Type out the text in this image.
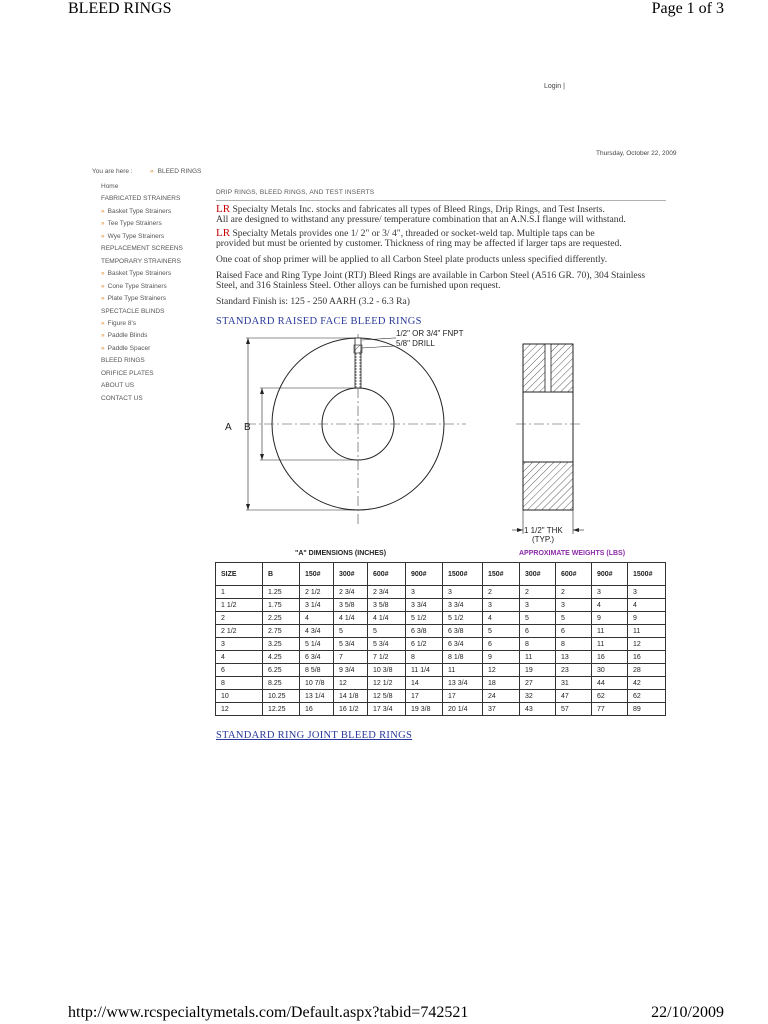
BLEED RINGS	Page 1 of 3
Login |
Thursday, October 22, 2009
You are here :	» BLEED RINGS
Home
FABRICATED STRAINERS
» Basket Type Strainers
» Tee Type Strainers
» Wye Type Strainers
REPLACEMENT SCREENS
TEMPORARY STRAINERS
» Basket Type Strainers
» Cone Type Strainers
» Plate Type Strainers
SPECTACLE BLINDS
» Figure 8's
» Paddle Blinds
» Paddle Spacer
BLEED RINGS
ORIFICE PLATES
ABOUT US
CONTACT US
DRIP RINGS, BLEED RINGS, AND TEST INSERTS
LR Specialty Metals Inc. stocks and fabricates all types of Bleed Rings, Drip Rings, and Test Inserts.
All are designed to withstand any pressure/ temperature combination that an A.N.S.I flange will withstand.
LR Specialty Metals provides one 1/ 2" or 3/ 4", threaded or socket-weld tap. Multiple taps can be
provided but must be oriented by customer. Thickness of ring may be affected if larger taps are requested.
One coat of shop primer will be applied to all Carbon Steel plate products unless specified differently.
Raised Face and Ring Type Joint (RTJ) Bleed Rings are available in Carbon Steel (A516 GR. 70), 304 Stainless
Steel, and 316 Stainless Steel. Other alloys can be furnished upon request.
Standard Finish is: 125 - 250 AARH (3.2 - 6.3 Ra)
STANDARD RAISED FACE BLEED RINGS
1/2" OR 3/4" FNPT
5/8" DRILL
A B
1 1/2" THK
(TYP.)
"A" DIMENSIONS (INCHES)	APPROXIMATE WEIGHTS (LBS)
SIZE	B	150#	300#	600#	900#	1500#	150#	300#	600#	900#	1500#
1	1.25	2 1/2	2 3/4	2 3/4	3	3	2	2	2	3	3
1 1/2	1.75	3 1/4	3 5/8	3 5/8	3 3/4	3 3/4	3	3	3	4	4
2	2.25	4	4 1/4	4 1/4	5 1/2	5 1/2	4	5	5	9	9
2 1/2	2.75	4 3/4	5	5	6 3/8	6 3/8	5	6	6	11	11
3	3.25	5 1/4	5 3/4	5 3/4	6 1/2	6 3/4	6	8	8	11	12
4	4.25	6 3/4	7	7 1/2	8	8 1/8	9	11	13	16	16
6	6.25	8 5/8	9 3/4	10 3/8	11 1/4	11	12	19	23	30	28
8	8.25	10 7/8	12	12 1/2	14	13 3/4	18	27	31	44	42
10	10.25	13 1/4	14 1/8	12 5/8	17	17	24	32	47	62	62
12	12.25	16	16 1/2	17 3/4	19 3/8	20 1/4	37	43	57	77	89
STANDARD RING JOINT BLEED RINGS
http://www.rcspecialtymetals.com/Default.aspx?tabid=742521	22/10/2009
